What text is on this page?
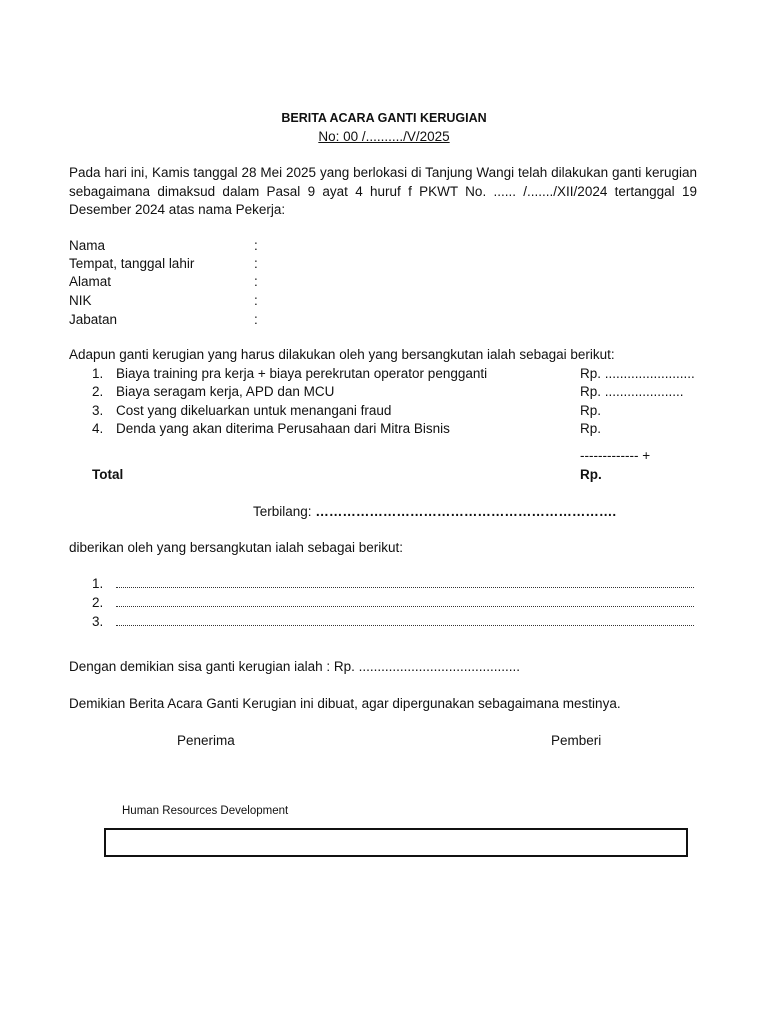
BERITA ACARA GANTI KERUGIAN
No: 00 /........../V/2025
Pada hari ini, Kamis tanggal 28 Mei 2025 yang berlokasi di Tanjung Wangi telah dilakukan ganti kerugian sebagaimana dimaksud dalam Pasal 9 ayat 4 huruf f PKWT No. ...... /......./XII/2024 tertanggal 19 Desember 2024 atas nama Pekerja:
Nama	:
Tempat, tanggal lahir	:
Alamat	:
NIK	:
Jabatan	:
Adapun ganti kerugian yang harus dilakukan oleh yang bersangkutan ialah sebagai berikut:
1. Biaya training pra kerja + biaya perekrutan operator pengganti	Rp. ........................
2. Biaya seragam kerja, APD dan MCU	Rp. .....................
3. Cost yang dikeluarkan untuk menangani fraud	Rp.
4. Denda yang akan diterima Perusahaan dari Mitra Bisnis	Rp.
------------- +
Total	Rp.
Terbilang: ………………………………………………………….
diberikan oleh yang bersangkutan ialah sebagai berikut:
1.
2.
3.
Dengan demikian sisa ganti kerugian ialah : Rp. ...........................................
Demikian Berita Acara Ganti Kerugian ini dibuat, agar dipergunakan sebagaimana mestinya.
Penerima	Pemberi
Human Resources Development
